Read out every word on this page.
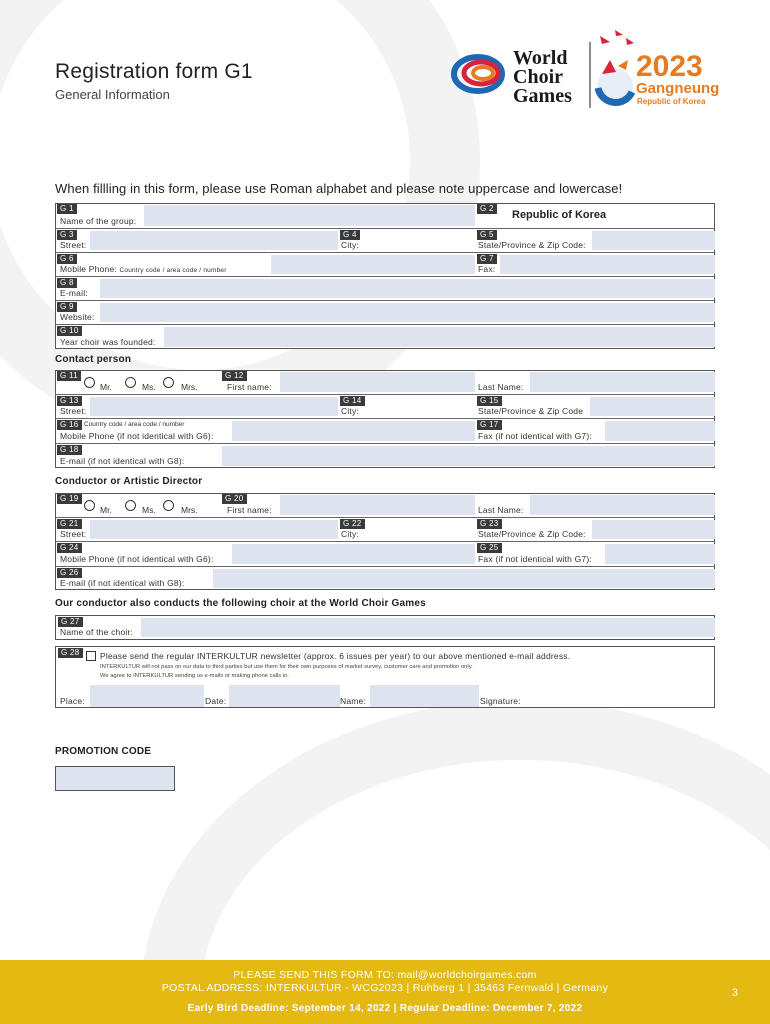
Registration form G1
General Information
World
Choir
Games
2023
Gangneung
Republic of Korea
When fillling in this form, please use Roman alphabet and please note uppercase and lowercase!
G 1
Name of the group:
G 2
Republic of Korea
G 3
Street:
G 4
City:
G 5
State/Province & Zip Code:
G 6
Mobile Phone: Country code / area code / number
G 7
Fax:
G 8
E-mail:
G 9
Website:
G 10
Year choir was founded:
Contact person
G 11
Mr.	Ms.	Mrs.
G 12
First name:	Last Name:
G 13
Street:
G 14
City:
G 15
State/Province & Zip Code
G 16 Country code / area code / number
Mobile Phone (if not identical with G6):
G 17
Fax (if not identical with G7):
G 18
E-mail (if not identical with G8):
Conductor or Artistic Director
G 19
Mr.	Ms.	Mrs.
G 20
First name:	Last Name:
G 21
Street:
G 22
City:
G 23
State/Province & Zip Code:
G 24
Mobile Phone (if not identical with G6):
G 25
Fax (if not identical with G7):
G 26
E-mail (if not identical with G8):
Our conductor also conducts the following choir at the World Choir Games
G 27
Name of the choir:
G 28	Please send the regular INTERKULTUR newsletter (approx. 6 issues per year) to our above mentioned e-mail address.
INTERKULTUR will not pass on our data to third parties but use them for their own purposes of market survey, customer care and promotion only.
We agree to INTERKULTUR sending us e-mails or making phone calls in.
Place:	Date:	Name:	Signature:
PROMOTION CODE
PLEASE SEND THIS FORM TO: mail@worldchoirgames.com
POSTAL ADDRESS: INTERKULTUR - WCG2023 | Ruhberg 1 | 35463 Fernwald | Germany
Early Bird Deadline: September 14, 2022 | Regular Deadline: December 7, 2022
3
